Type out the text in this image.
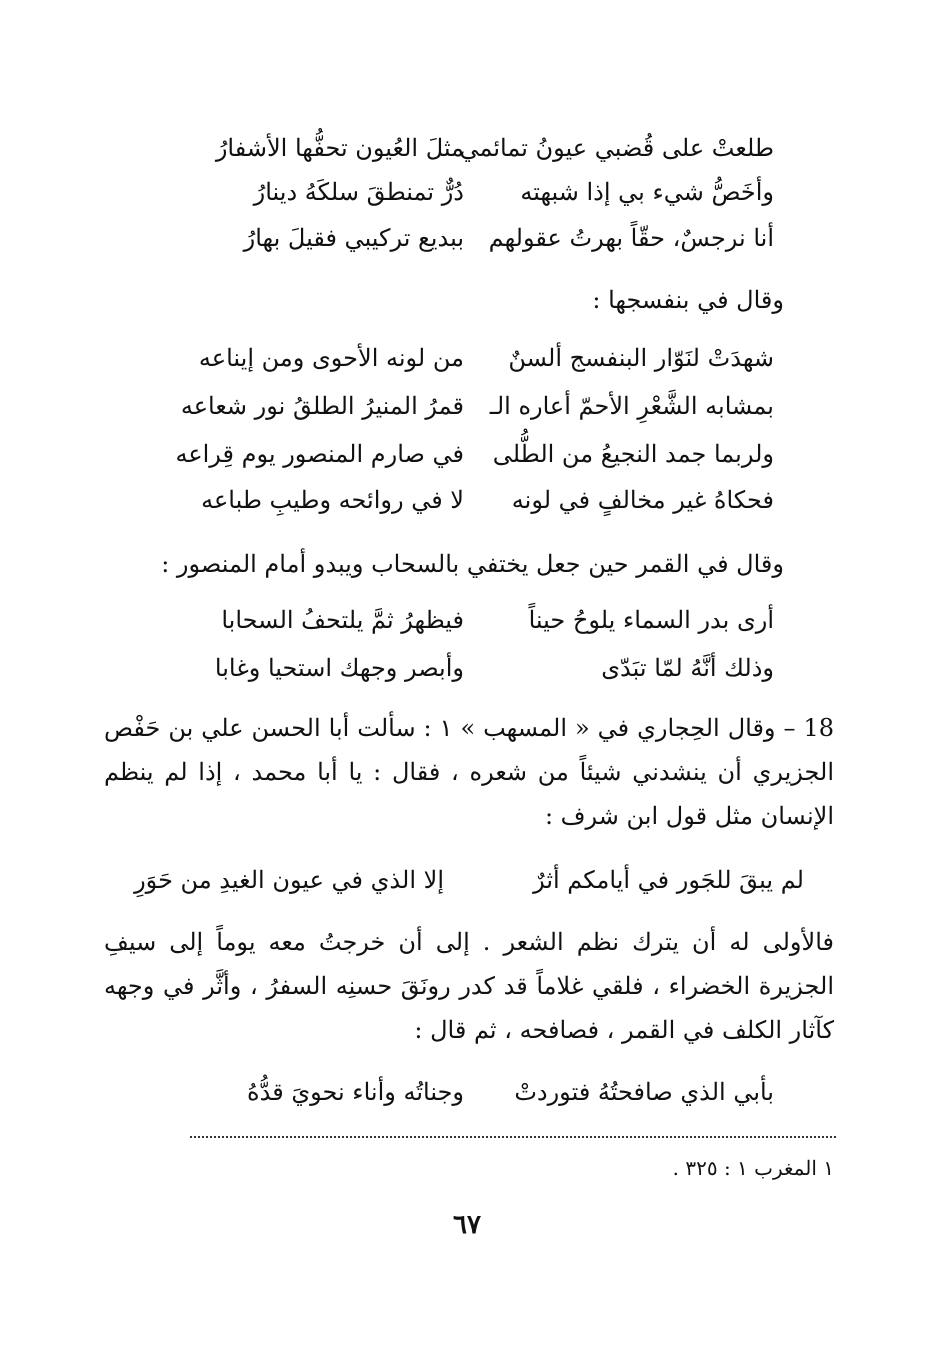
طلعتْ على قُضبي عيونُ تمائمي
مثلَ العُيون تحفُّها الأشفارُ
وأخَصُّ شيء بي إذا شبهته
دُرٌّ تمنطقَ سلكَهُ دينارُ
أنا نرجسٌ، حقّاً بهرتُ عقولهم
ببديع تركيبي فقيلَ بهارُ
وقال في بنفسجها :
شهدَتْ لنَوّار البنفسج ألسنٌ
من لونه الأحوى ومن إيناعه
بمشابه الشَّعْرِ الأحمّ أعاره الـ
قمرُ المنيرُ الطلقُ نور شعاعه
ولربما جمد النجيعُ من الطُّلى
في صارم المنصور يوم قِراعه
فحكاهُ غير مخالفٍ في لونه
لا في روائحه وطيبِ طباعه
وقال في القمر حين جعل يختفي بالسحاب ويبدو أمام المنصور :
أرى بدر السماء يلوحُ حيناً
فيظهرُ ثمَّ يلتحفُ السحابا
وذلك أنَّهُ لمّا تبَدّى
وأبصر وجهك استحيا وغابا

18 – وقال الحِجاري في « المسهب » ١ : سألت أبا الحسن علي بن حَفْص الجزيري أن ينشدني شيئاً من شعره ، فقال : يا أبا محمد ، إذا لم ينظم الإنسان مثل قول ابن شرف :

لم يبقَ للجَور في أيامكم أثرٌ
إلا الذي في عيون الغيدِ من حَوَرِ

فالأولى له أن يترك نظم الشعر . إلى أن خرجتُ معه يوماً إلى سيفِ الجزيرة الخضراء ، فلقي غلاماً قد كدر رونَقَ حسنِه السفرُ ، وأثَّر في وجهه كآثار الكلف في القمر ، فصافحه ، ثم قال :

بأبي الذي صافحتُهُ فتوردتْ
وجناتُه وأناء نحويَ قدُّهُ
١ المغرب ١ : ٣٢٥ .
٦٧
